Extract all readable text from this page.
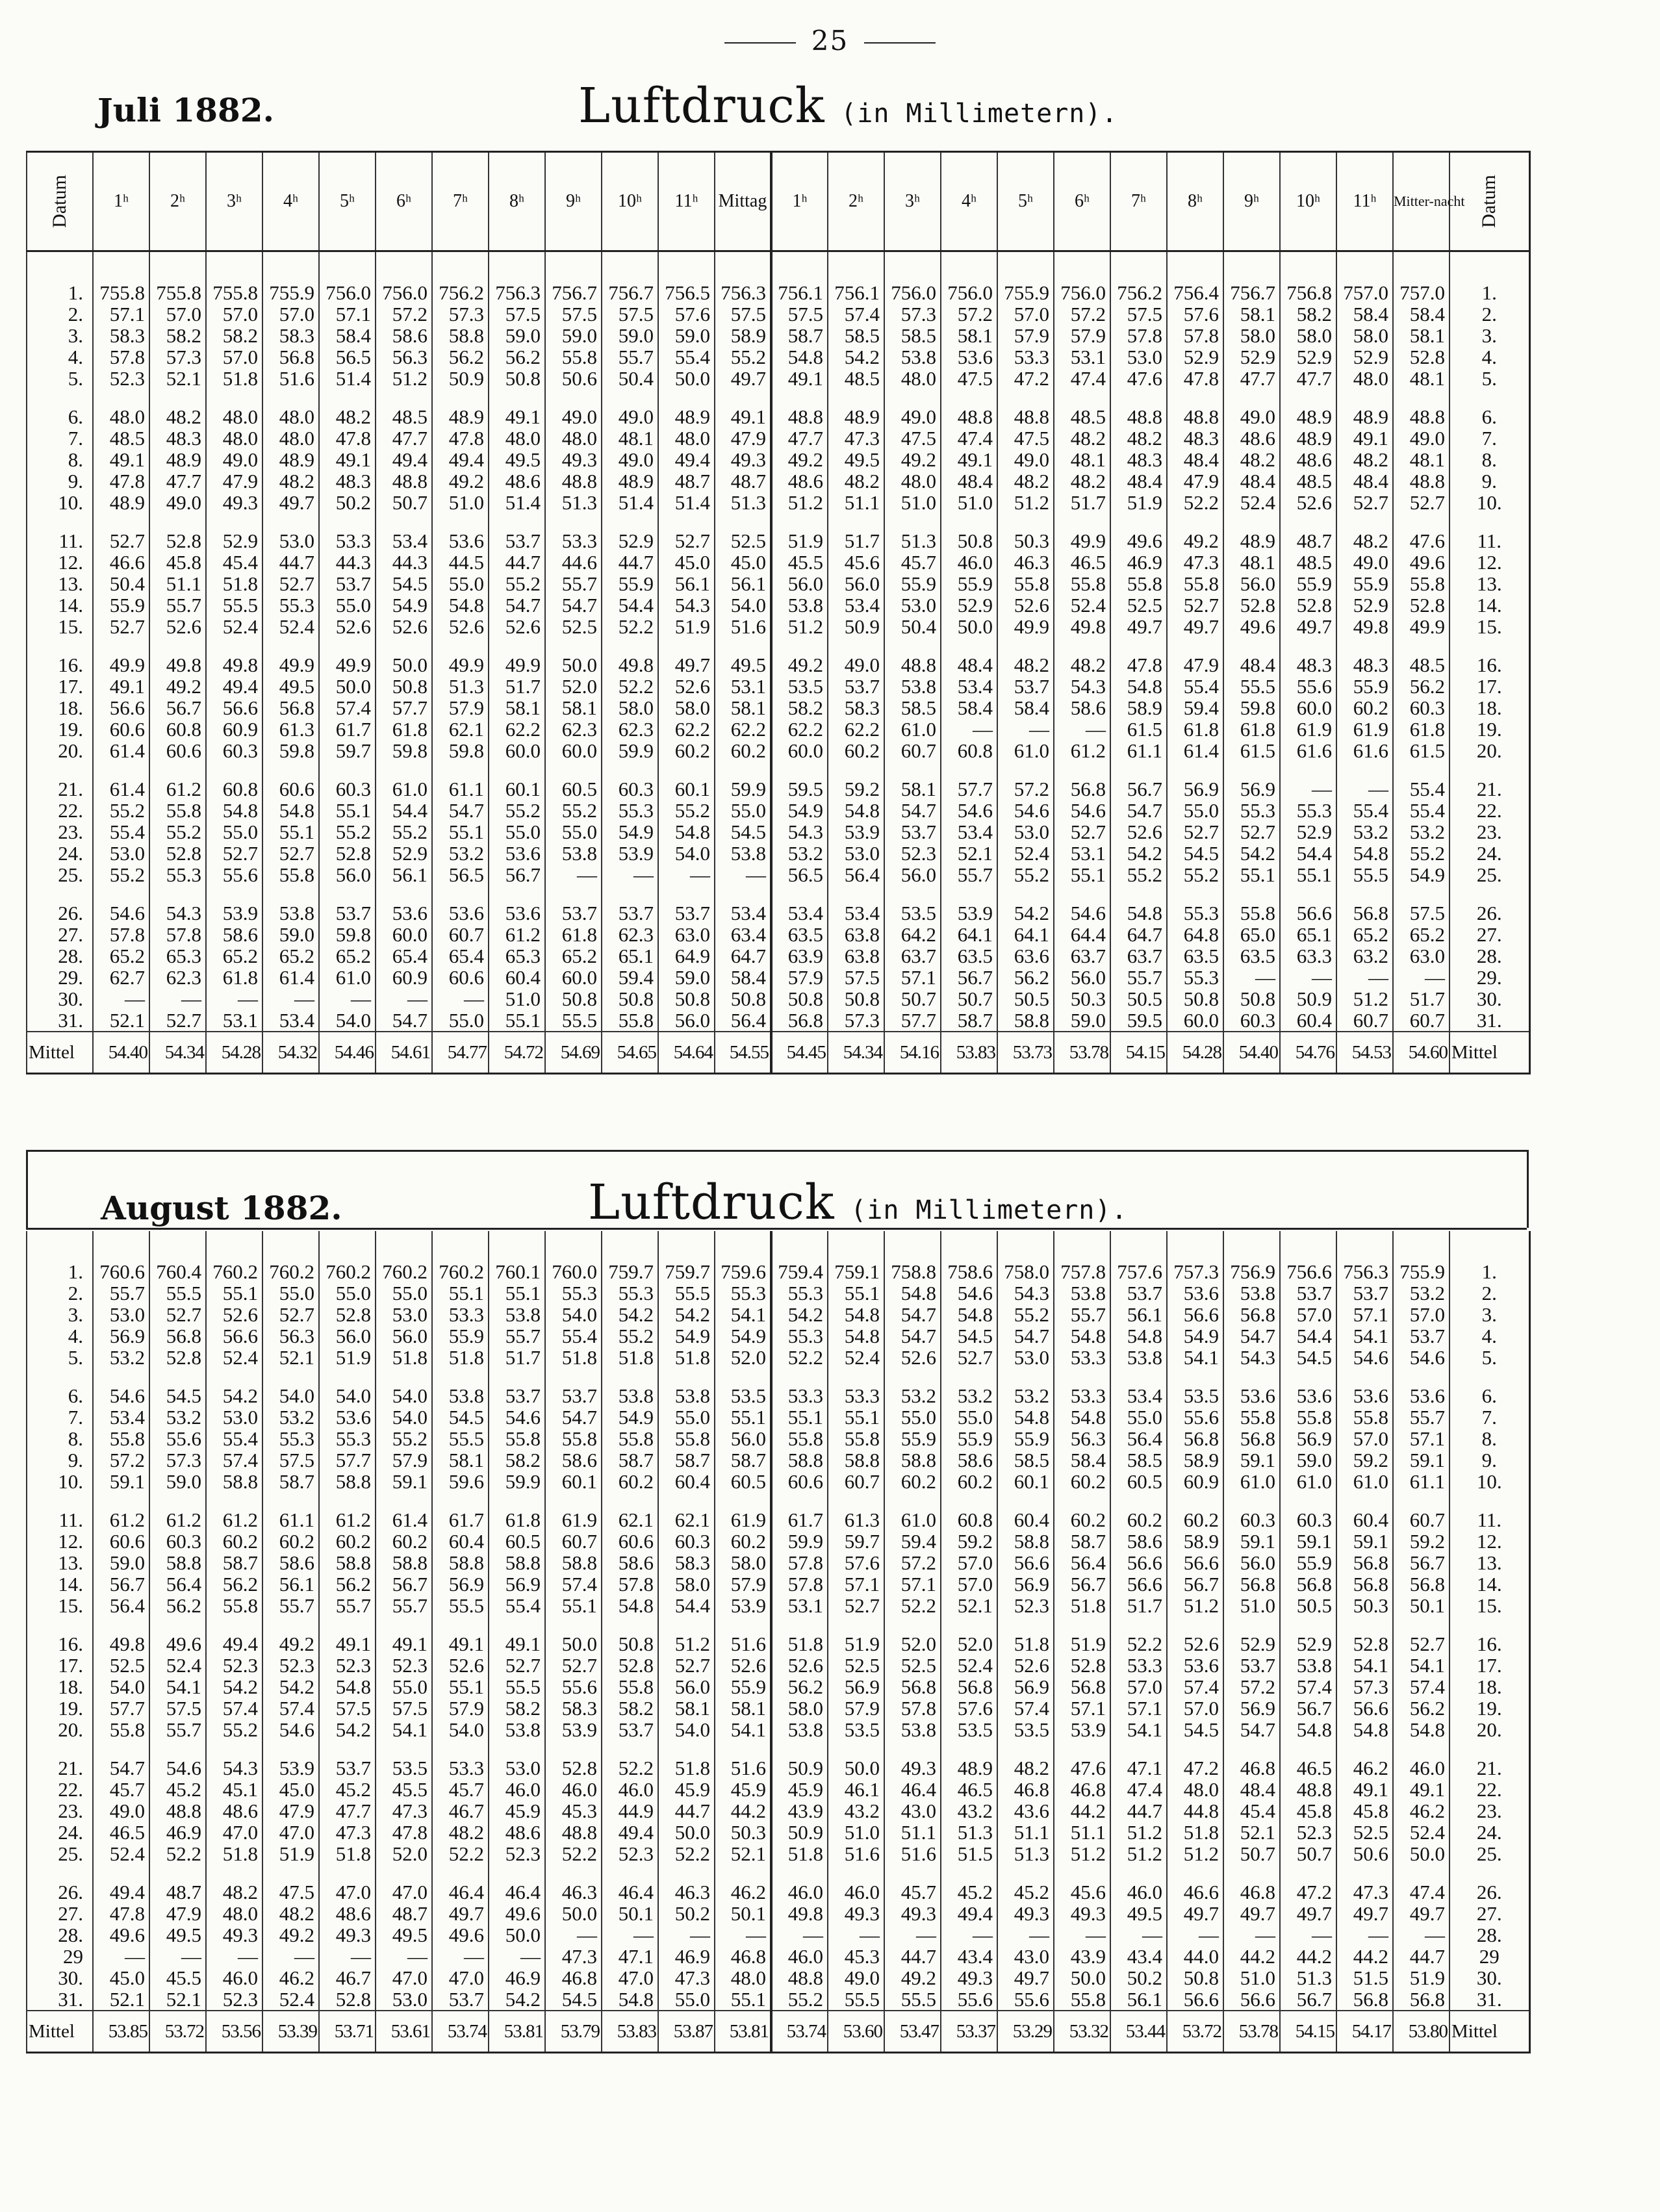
25
Juli 1882.	Luftdruck (in Millimetern).
Datum	1ʰ	2ʰ	3ʰ	4ʰ	5ʰ	6ʰ	7ʰ	8ʰ	9ʰ	10ʰ	11ʰ	Mittag	1ʰ	2ʰ	3ʰ	4ʰ	5ʰ	6ʰ	7ʰ	8ʰ	9ʰ	10ʰ	11ʰ	Mitter-nacht	Datum

1.	755.8	755.8	755.8	755.9	756.0	756.0	756.2	756.3	756.7	756.7	756.5	756.3	756.1	756.1	756.0	756.0	755.9	756.0	756.2	756.4	756.7	756.8	757.0	757.0	1.
2.	57.1	57.0	57.0	57.0	57.1	57.2	57.3	57.5	57.5	57.5	57.6	57.5	57.5	57.4	57.3	57.2	57.0	57.2	57.5	57.6	58.1	58.2	58.4	58.4	2.
3.	58.3	58.2	58.2	58.3	58.4	58.6	58.8	59.0	59.0	59.0	59.0	58.9	58.7	58.5	58.5	58.1	57.9	57.9	57.8	57.8	58.0	58.0	58.0	58.1	3.
4.	57.8	57.3	57.0	56.8	56.5	56.3	56.2	56.2	55.8	55.7	55.4	55.2	54.8	54.2	53.8	53.6	53.3	53.1	53.0	52.9	52.9	52.9	52.9	52.8	4.
5.	52.3	52.1	51.8	51.6	51.4	51.2	50.9	50.8	50.6	50.4	50.0	49.7	49.1	48.5	48.0	47.5	47.2	47.4	47.6	47.8	47.7	47.7	48.0	48.1	5.

6.	48.0	48.2	48.0	48.0	48.2	48.5	48.9	49.1	49.0	49.0	48.9	49.1	48.8	48.9	49.0	48.8	48.8	48.5	48.8	48.8	49.0	48.9	48.9	48.8	6.
7.	48.5	48.3	48.0	48.0	47.8	47.7	47.8	48.0	48.0	48.1	48.0	47.9	47.7	47.3	47.5	47.4	47.5	48.2	48.2	48.3	48.6	48.9	49.1	49.0	7.
8.	49.1	48.9	49.0	48.9	49.1	49.4	49.4	49.5	49.3	49.0	49.4	49.3	49.2	49.5	49.2	49.1	49.0	48.1	48.3	48.4	48.2	48.6	48.2	48.1	8.
9.	47.8	47.7	47.9	48.2	48.3	48.8	49.2	48.6	48.8	48.9	48.7	48.7	48.6	48.2	48.0	48.4	48.2	48.2	48.4	47.9	48.4	48.5	48.4	48.8	9.
10.	48.9	49.0	49.3	49.7	50.2	50.7	51.0	51.4	51.3	51.4	51.4	51.3	51.2	51.1	51.0	51.0	51.2	51.7	51.9	52.2	52.4	52.6	52.7	52.7	10.

11.	52.7	52.8	52.9	53.0	53.3	53.4	53.6	53.7	53.3	52.9	52.7	52.5	51.9	51.7	51.3	50.8	50.3	49.9	49.6	49.2	48.9	48.7	48.2	47.6	11.
12.	46.6	45.8	45.4	44.7	44.3	44.3	44.5	44.7	44.6	44.7	45.0	45.0	45.5	45.6	45.7	46.0	46.3	46.5	46.9	47.3	48.1	48.5	49.0	49.6	12.
13.	50.4	51.1	51.8	52.7	53.7	54.5	55.0	55.2	55.7	55.9	56.1	56.1	56.0	56.0	55.9	55.9	55.8	55.8	55.8	55.8	56.0	55.9	55.9	55.8	13.
14.	55.9	55.7	55.5	55.3	55.0	54.9	54.8	54.7	54.7	54.4	54.3	54.0	53.8	53.4	53.0	52.9	52.6	52.4	52.5	52.7	52.8	52.8	52.9	52.8	14.
15.	52.7	52.6	52.4	52.4	52.6	52.6	52.6	52.6	52.5	52.2	51.9	51.6	51.2	50.9	50.4	50.0	49.9	49.8	49.7	49.7	49.6	49.7	49.8	49.9	15.

16.	49.9	49.8	49.8	49.9	49.9	50.0	49.9	49.9	50.0	49.8	49.7	49.5	49.2	49.0	48.8	48.4	48.2	48.2	47.8	47.9	48.4	48.3	48.3	48.5	16.
17.	49.1	49.2	49.4	49.5	50.0	50.8	51.3	51.7	52.0	52.2	52.6	53.1	53.5	53.7	53.8	53.4	53.7	54.3	54.8	55.4	55.5	55.6	55.9	56.2	17.
18.	56.6	56.7	56.6	56.8	57.4	57.7	57.9	58.1	58.1	58.0	58.0	58.1	58.2	58.3	58.5	58.4	58.4	58.6	58.9	59.4	59.8	60.0	60.2	60.3	18.
19.	60.6	60.8	60.9	61.3	61.7	61.8	62.1	62.2	62.3	62.3	62.2	62.2	62.2	62.2	61.0	—	—	—	61.5	61.8	61.8	61.9	61.9	61.8	19.
20.	61.4	60.6	60.3	59.8	59.7	59.8	59.8	60.0	60.0	59.9	60.2	60.2	60.0	60.2	60.7	60.8	61.0	61.2	61.1	61.4	61.5	61.6	61.6	61.5	20.

21.	61.4	61.2	60.8	60.6	60.3	61.0	61.1	60.1	60.5	60.3	60.1	59.9	59.5	59.2	58.1	57.7	57.2	56.8	56.7	56.9	56.9	—	—	55.4	21.
22.	55.2	55.8	54.8	54.8	55.1	54.4	54.7	55.2	55.2	55.3	55.2	55.0	54.9	54.8	54.7	54.6	54.6	54.6	54.7	55.0	55.3	55.3	55.4	55.4	22.
23.	55.4	55.2	55.0	55.1	55.2	55.2	55.1	55.0	55.0	54.9	54.8	54.5	54.3	53.9	53.7	53.4	53.0	52.7	52.6	52.7	52.7	52.9	53.2	53.2	23.
24.	53.0	52.8	52.7	52.7	52.8	52.9	53.2	53.6	53.8	53.9	54.0	53.8	53.2	53.0	52.3	52.1	52.4	53.1	54.2	54.5	54.2	54.4	54.8	55.2	24.
25.	55.2	55.3	55.6	55.8	56.0	56.1	56.5	56.7	—	—	—	—	56.5	56.4	56.0	55.7	55.2	55.1	55.2	55.2	55.1	55.1	55.5	54.9	25.

26.	54.6	54.3	53.9	53.8	53.7	53.6	53.6	53.6	53.7	53.7	53.7	53.4	53.4	53.4	53.5	53.9	54.2	54.6	54.8	55.3	55.8	56.6	56.8	57.5	26.
27.	57.8	57.8	58.6	59.0	59.8	60.0	60.7	61.2	61.8	62.3	63.0	63.4	63.5	63.8	64.2	64.1	64.1	64.4	64.7	64.8	65.0	65.1	65.2	65.2	27.
28.	65.2	65.3	65.2	65.2	65.2	65.4	65.4	65.3	65.2	65.1	64.9	64.7	63.9	63.8	63.7	63.5	63.6	63.7	63.7	63.5	63.5	63.3	63.2	63.0	28.
29.	62.7	62.3	61.8	61.4	61.0	60.9	60.6	60.4	60.0	59.4	59.0	58.4	57.9	57.5	57.1	56.7	56.2	56.0	55.7	55.3	—	—	—	—	29.
30.	—	—	—	—	—	—	—	51.0	50.8	50.8	50.8	50.8	50.8	50.8	50.7	50.7	50.5	50.3	50.5	50.8	50.8	50.9	51.2	51.7	30.
31.	52.1	52.7	53.1	53.4	54.0	54.7	55.0	55.1	55.5	55.8	56.0	56.4	56.8	57.3	57.7	58.7	58.8	59.0	59.5	60.0	60.3	60.4	60.7	60.7	31.
Mittel	54.40	54.34	54.28	54.32	54.46	54.61	54.77	54.72	54.69	54.65	54.64	54.55	54.45	54.34	54.16	53.83	53.73	53.78	54.15	54.28	54.40	54.76	54.53	54.60	Mittel
August 1882.	Luftdruck (in Millimetern).

1.	760.6	760.4	760.2	760.2	760.2	760.2	760.2	760.1	760.0	759.7	759.7	759.6	759.4	759.1	758.8	758.6	758.0	757.8	757.6	757.3	756.9	756.6	756.3	755.9	1.
2.	55.7	55.5	55.1	55.0	55.0	55.0	55.1	55.1	55.3	55.3	55.5	55.3	55.3	55.1	54.8	54.6	54.3	53.8	53.7	53.6	53.8	53.7	53.7	53.2	2.
3.	53.0	52.7	52.6	52.7	52.8	53.0	53.3	53.8	54.0	54.2	54.2	54.1	54.2	54.8	54.7	54.8	55.2	55.7	56.1	56.6	56.8	57.0	57.1	57.0	3.
4.	56.9	56.8	56.6	56.3	56.0	56.0	55.9	55.7	55.4	55.2	54.9	54.9	55.3	54.8	54.7	54.5	54.7	54.8	54.8	54.9	54.7	54.4	54.1	53.7	4.
5.	53.2	52.8	52.4	52.1	51.9	51.8	51.8	51.7	51.8	51.8	51.8	52.0	52.2	52.4	52.6	52.7	53.0	53.3	53.8	54.1	54.3	54.5	54.6	54.6	5.

6.	54.6	54.5	54.2	54.0	54.0	54.0	53.8	53.7	53.7	53.8	53.8	53.5	53.3	53.3	53.2	53.2	53.2	53.3	53.4	53.5	53.6	53.6	53.6	53.6	6.
7.	53.4	53.2	53.0	53.2	53.6	54.0	54.5	54.6	54.7	54.9	55.0	55.1	55.1	55.1	55.0	55.0	54.8	54.8	55.0	55.6	55.8	55.8	55.8	55.7	7.
8.	55.8	55.6	55.4	55.3	55.3	55.2	55.5	55.8	55.8	55.8	55.8	56.0	55.8	55.8	55.9	55.9	55.9	56.3	56.4	56.8	56.8	56.9	57.0	57.1	8.
9.	57.2	57.3	57.4	57.5	57.7	57.9	58.1	58.2	58.6	58.7	58.7	58.7	58.8	58.8	58.8	58.6	58.5	58.4	58.5	58.9	59.1	59.0	59.2	59.1	9.
10.	59.1	59.0	58.8	58.7	58.8	59.1	59.6	59.9	60.1	60.2	60.4	60.5	60.6	60.7	60.2	60.2	60.1	60.2	60.5	60.9	61.0	61.0	61.0	61.1	10.

11.	61.2	61.2	61.2	61.1	61.2	61.4	61.7	61.8	61.9	62.1	62.1	61.9	61.7	61.3	61.0	60.8	60.4	60.2	60.2	60.2	60.3	60.3	60.4	60.7	11.
12.	60.6	60.3	60.2	60.2	60.2	60.2	60.4	60.5	60.7	60.6	60.3	60.2	59.9	59.7	59.4	59.2	58.8	58.7	58.6	58.9	59.1	59.1	59.1	59.2	12.
13.	59.0	58.8	58.7	58.6	58.8	58.8	58.8	58.8	58.8	58.6	58.3	58.0	57.8	57.6	57.2	57.0	56.6	56.4	56.6	56.6	56.0	55.9	56.8	56.7	13.
14.	56.7	56.4	56.2	56.1	56.2	56.7	56.9	56.9	57.4	57.8	58.0	57.9	57.8	57.1	57.1	57.0	56.9	56.7	56.6	56.7	56.8	56.8	56.8	56.8	14.
15.	56.4	56.2	55.8	55.7	55.7	55.7	55.5	55.4	55.1	54.8	54.4	53.9	53.1	52.7	52.2	52.1	52.3	51.8	51.7	51.2	51.0	50.5	50.3	50.1	15.

16.	49.8	49.6	49.4	49.2	49.1	49.1	49.1	49.1	50.0	50.8	51.2	51.6	51.8	51.9	52.0	52.0	51.8	51.9	52.2	52.6	52.9	52.9	52.8	52.7	16.
17.	52.5	52.4	52.3	52.3	52.3	52.3	52.6	52.7	52.7	52.8	52.7	52.6	52.6	52.5	52.5	52.4	52.6	52.8	53.3	53.6	53.7	53.8	54.1	54.1	17.
18.	54.0	54.1	54.2	54.2	54.8	55.0	55.1	55.5	55.6	55.8	56.0	55.9	56.2	56.9	56.8	56.8	56.9	56.8	57.0	57.4	57.2	57.4	57.3	57.4	18.
19.	57.7	57.5	57.4	57.4	57.5	57.5	57.9	58.2	58.3	58.2	58.1	58.1	58.0	57.9	57.8	57.6	57.4	57.1	57.1	57.0	56.9	56.7	56.6	56.2	19.
20.	55.8	55.7	55.2	54.6	54.2	54.1	54.0	53.8	53.9	53.7	54.0	54.1	53.8	53.5	53.8	53.5	53.5	53.9	54.1	54.5	54.7	54.8	54.8	54.8	20.

21.	54.7	54.6	54.3	53.9	53.7	53.5	53.3	53.0	52.8	52.2	51.8	51.6	50.9	50.0	49.3	48.9	48.2	47.6	47.1	47.2	46.8	46.5	46.2	46.0	21.
22.	45.7	45.2	45.1	45.0	45.2	45.5	45.7	46.0	46.0	46.0	45.9	45.9	45.9	46.1	46.4	46.5	46.8	46.8	47.4	48.0	48.4	48.8	49.1	49.1	22.
23.	49.0	48.8	48.6	47.9	47.7	47.3	46.7	45.9	45.3	44.9	44.7	44.2	43.9	43.2	43.0	43.2	43.6	44.2	44.7	44.8	45.4	45.8	45.8	46.2	23.
24.	46.5	46.9	47.0	47.0	47.3	47.8	48.2	48.6	48.8	49.4	50.0	50.3	50.9	51.0	51.1	51.3	51.1	51.1	51.2	51.8	52.1	52.3	52.5	52.4	24.
25.	52.4	52.2	51.8	51.9	51.8	52.0	52.2	52.3	52.2	52.3	52.2	52.1	51.8	51.6	51.6	51.5	51.3	51.2	51.2	51.2	50.7	50.7	50.6	50.0	25.

26.	49.4	48.7	48.2	47.5	47.0	47.0	46.4	46.4	46.3	46.4	46.3	46.2	46.0	46.0	45.7	45.2	45.2	45.6	46.0	46.6	46.8	47.2	47.3	47.4	26.
27.	47.8	47.9	48.0	48.2	48.6	48.7	49.7	49.6	50.0	50.1	50.2	50.1	49.8	49.3	49.3	49.4	49.3	49.3	49.5	49.7	49.7	49.7	49.7	49.7	27.
28.	49.6	49.5	49.3	49.2	49.3	49.5	49.6	50.0	—	—	—	—	—	—	—	—	—	—	—	—	—	—	—	—	28.
29	—	—	—	—	—	—	—	—	47.3	47.1	46.9	46.8	46.0	45.3	44.7	43.4	43.0	43.9	43.4	44.0	44.2	44.2	44.2	44.7	29
30.	45.0	45.5	46.0	46.2	46.7	47.0	47.0	46.9	46.8	47.0	47.3	48.0	48.8	49.0	49.2	49.3	49.7	50.0	50.2	50.8	51.0	51.3	51.5	51.9	30.
31.	52.1	52.1	52.3	52.4	52.8	53.0	53.7	54.2	54.5	54.8	55.0	55.1	55.2	55.5	55.5	55.6	55.6	55.8	56.1	56.6	56.6	56.7	56.8	56.8	31.
Mittel	53.85	53.72	53.56	53.39	53.71	53.61	53.74	53.81	53.79	53.83	53.87	53.81	53.74	53.60	53.47	53.37	53.29	53.32	53.44	53.72	53.78	54.15	54.17	53.80	Mittel
